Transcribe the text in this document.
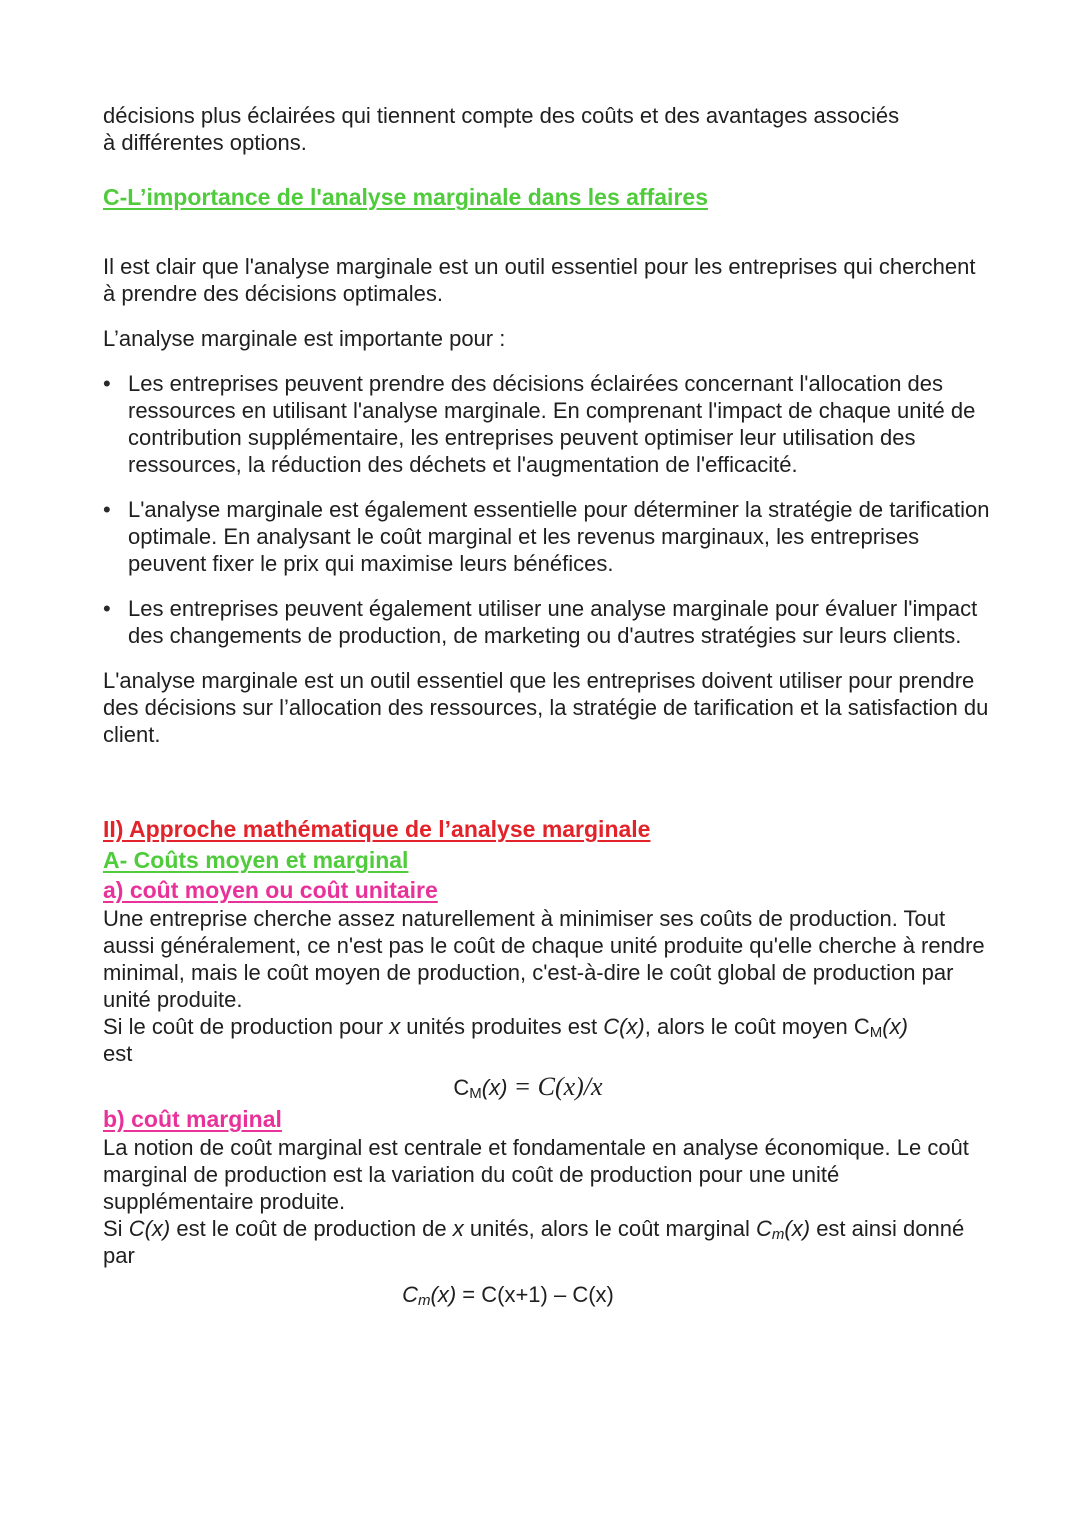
décisions plus éclairées qui tiennent compte des coûts et des avantages associés
à différentes options.

C-L’importance de l'analyse marginale dans les affaires

Il est clair que l'analyse marginale est un outil essentiel pour les entreprises qui cherchent à prendre des décisions optimales.

L’analyse marginale est importante pour :

• Les entreprises peuvent prendre des décisions éclairées concernant l'allocation des ressources en utilisant l'analyse marginale. En comprenant l'impact de chaque unité de contribution supplémentaire, les entreprises peuvent optimiser leur utilisation des ressources, la réduction des déchets et l'augmentation de l'efficacité.
• L'analyse marginale est également essentielle pour déterminer la stratégie de tarification optimale. En analysant le coût marginal et les revenus marginaux, les entreprises peuvent fixer le prix qui maximise leurs bénéfices.
• Les entreprises peuvent également utiliser une analyse marginale pour évaluer l'impact des changements de production, de marketing ou d'autres stratégies sur leurs clients.

L'analyse marginale est un outil essentiel que les entreprises doivent utiliser pour prendre des décisions sur l’allocation des ressources, la stratégie de tarification et la satisfaction du client.

II) Approche mathématique de l’analyse marginale

A- Coûts moyen et marginal

a) coût moyen ou coût unitaire

Une entreprise cherche assez naturellement à minimiser ses coûts de production. Tout aussi généralement, ce n'est pas le coût de chaque unité produite qu'elle cherche à rendre minimal, mais le coût moyen de production, c'est-à-dire le coût global de production par unité produite.

Si le coût de production pour x unités produites est C(x), alors le coût moyen $C_M(x)$
est

$C_M(x) = C(x)/x$

b) coût marginal

La notion de coût marginal est centrale et fondamentale en analyse économique. Le coût marginal de production est la variation du coût de production pour une unité supplémentaire produite.

Si C(x) est le coût de production de x unités, alors le coût marginal $C_m(x)$ est ainsi donné par

$C_m(x) = C(x+1) - C(x)$
